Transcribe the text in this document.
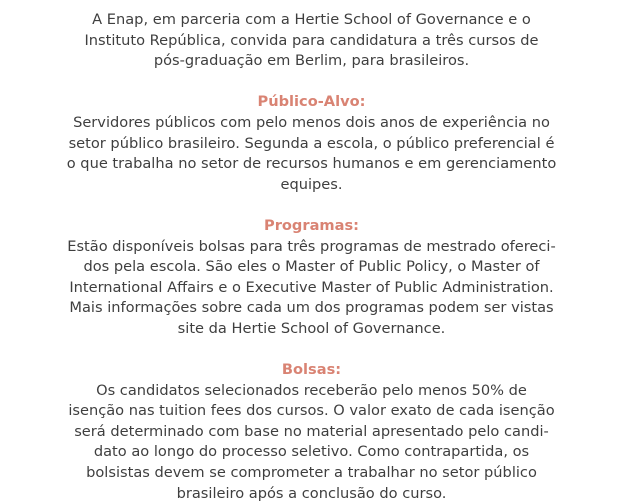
A Enap, em parceria com a Hertie School of Governance e o
Instituto República, convida para candidatura a três cursos de
pós-graduação em Berlim, para brasileiros.
Público-Alvo:
Servidores públicos com pelo menos dois anos de experiência no
setor público brasileiro. Segunda a escola, o público preferencial é
o que trabalha no setor de recursos humanos e em gerenciamento
equipes.
Programas:
Estão disponíveis bolsas para três programas de mestrado ofereci-
dos pela escola. São eles o Master of Public Policy, o Master of
International Affairs e o Executive Master of Public Administration.
Mais informações sobre cada um dos programas podem ser vistas
site da Hertie School of Governance.
Bolsas:
Os candidatos selecionados receberão pelo menos 50% de
isenção nas tuition fees dos cursos. O valor exato de cada isenção
será determinado com base no material apresentado pelo candi-
dato ao longo do processo seletivo. Como contrapartida, os
bolsistas devem se comprometer a trabalhar no setor público
brasileiro após a conclusão do curso.
